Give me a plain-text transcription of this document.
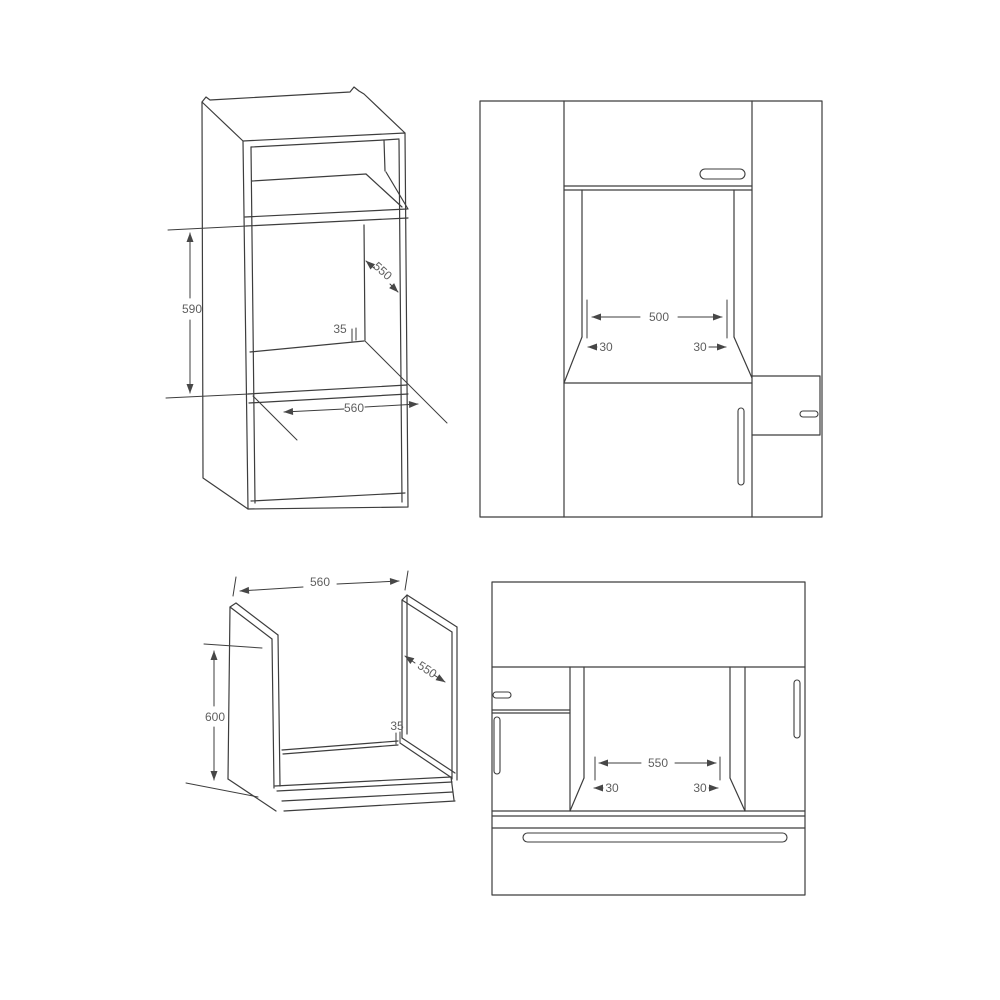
590
550
35
560
500
30	30
560
600
550
35
550
30	30
